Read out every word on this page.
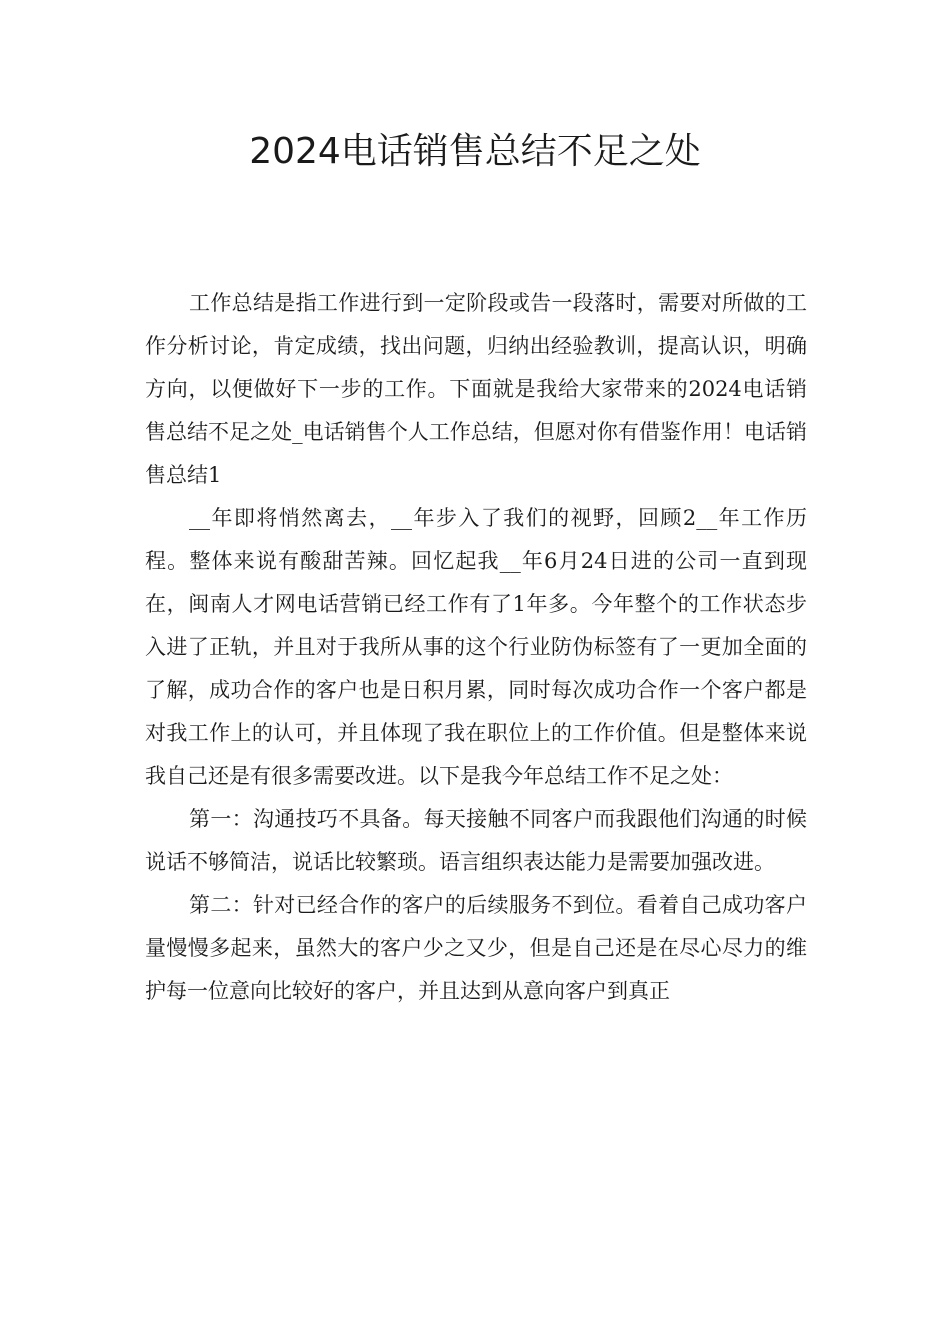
2024电话销售总结不足之处

工作总结是指工作进行到一定阶段或告一段落时，需要对所做的工作分析讨论，肯定成绩，找出问题，归纳出经验教训，提高认识，明确方向，以便做好下一步的工作。下面就是我给大家带来的2024电话销售总结不足之处_电话销售个人工作总结，但愿对你有借鉴作用！电话销售总结1

__年即将悄然离去，__年步入了我们的视野，回顾2__年工作历程。整体来说有酸甜苦辣。回忆起我__年6月24日进的公司一直到现在，闽南人才网电话营销已经工作有了1年多。今年整个的工作状态步入进了正轨，并且对于我所从事的这个行业防伪标签有了一更加全面的了解，成功合作的客户也是日积月累，同时每次成功合作一个客户都是对我工作上的认可，并且体现了我在职位上的工作价值。但是整体来说我自己还是有很多需要改进。以下是我今年总结工作不足之处：

第一：沟通技巧不具备。每天接触不同客户而我跟他们沟通的时候说话不够简洁，说话比较繁琐。语言组织表达能力是需要加强改进。

第二：针对已经合作的客户的后续服务不到位。看着自己成功客户量慢慢多起来，虽然大的客户少之又少，但是自己还是在尽心尽力的维护每一位意向比较好的客户，并且达到从意向客户到真正
